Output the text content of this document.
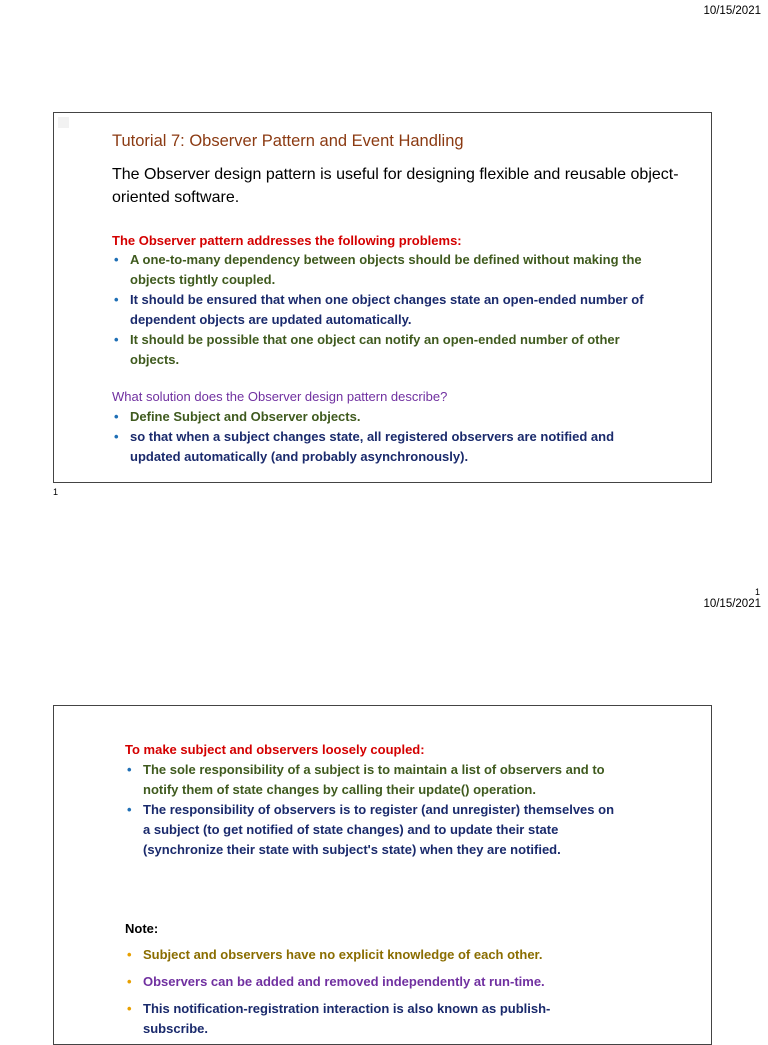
10/15/2021
Tutorial 7: Observer Pattern and Event Handling
The Observer design pattern is useful for designing flexible and reusable object-oriented software.
The Observer pattern addresses the following problems:
• A one-to-many dependency between objects should be defined without making the objects tightly coupled.
• It should be ensured that when one object changes state an open-ended number of dependent objects are updated automatically.
• It should be possible that one object can notify an open-ended number of other objects.
What solution does the Observer design pattern describe?
• Define Subject and Observer objects.
• so that when a subject changes state, all registered observers are notified and updated automatically (and probably asynchronously).
1
1
10/15/2021
To make subject and observers loosely coupled:
• The sole responsibility of a subject is to maintain a list of observers and to notify them of state changes by calling their update() operation.
• The responsibility of observers is to register (and unregister) themselves on a subject (to get notified of state changes) and to update their state (synchronize their state with subject's state) when they are notified.
Note:
• Subject and observers have no explicit knowledge of each other.
• Observers can be added and removed independently at run-time.
• This notification-registration interaction is also known as publish-subscribe.
